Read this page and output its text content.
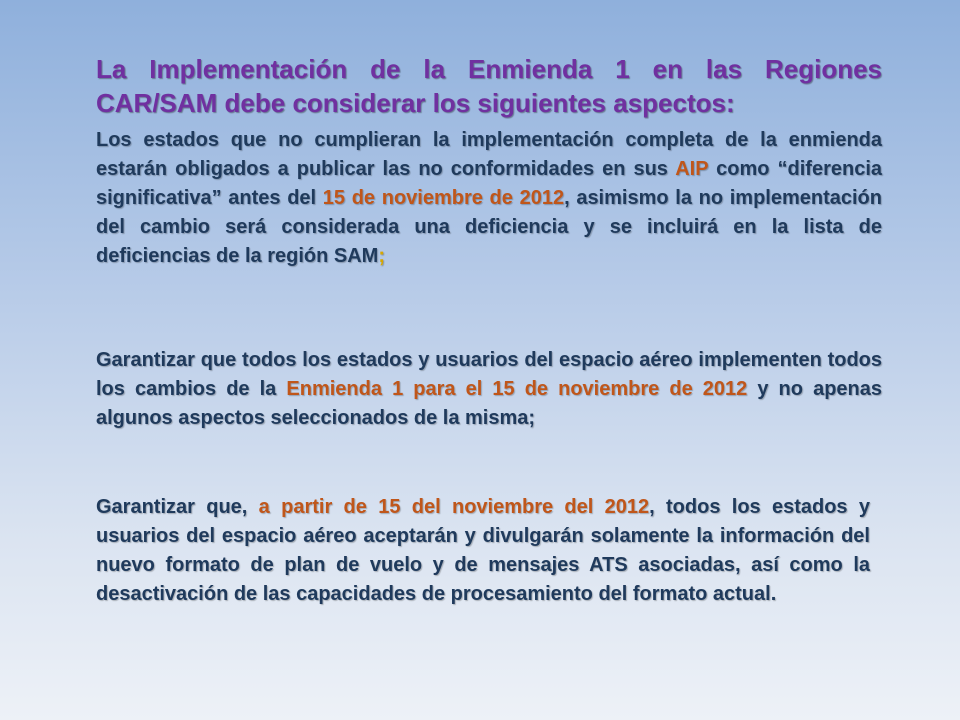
La Implementación de la Enmienda 1 en las Regiones CAR/SAM debe considerar los siguientes aspectos:
Los estados que no cumplieran la implementación completa de la enmienda estarán obligados a publicar las no conformidades en sus AIP como “diferencia significativa” antes del 15 de noviembre de 2012, asimismo la no implementación del cambio será considerada una deficiencia y se incluirá en la lista de deficiencias de la región SAM;
Garantizar que todos los estados y usuarios del espacio aéreo implementen todos los cambios de la Enmienda 1 para el 15 de noviembre de 2012 y no apenas algunos aspectos seleccionados de la misma;
Garantizar que, a partir de 15 del noviembre del 2012, todos los estados y usuarios del espacio aéreo aceptarán y divulgarán solamente la información del nuevo formato de plan de vuelo y de mensajes ATS asociadas, así como la desactivación de las capacidades de procesamiento del formato actual.
